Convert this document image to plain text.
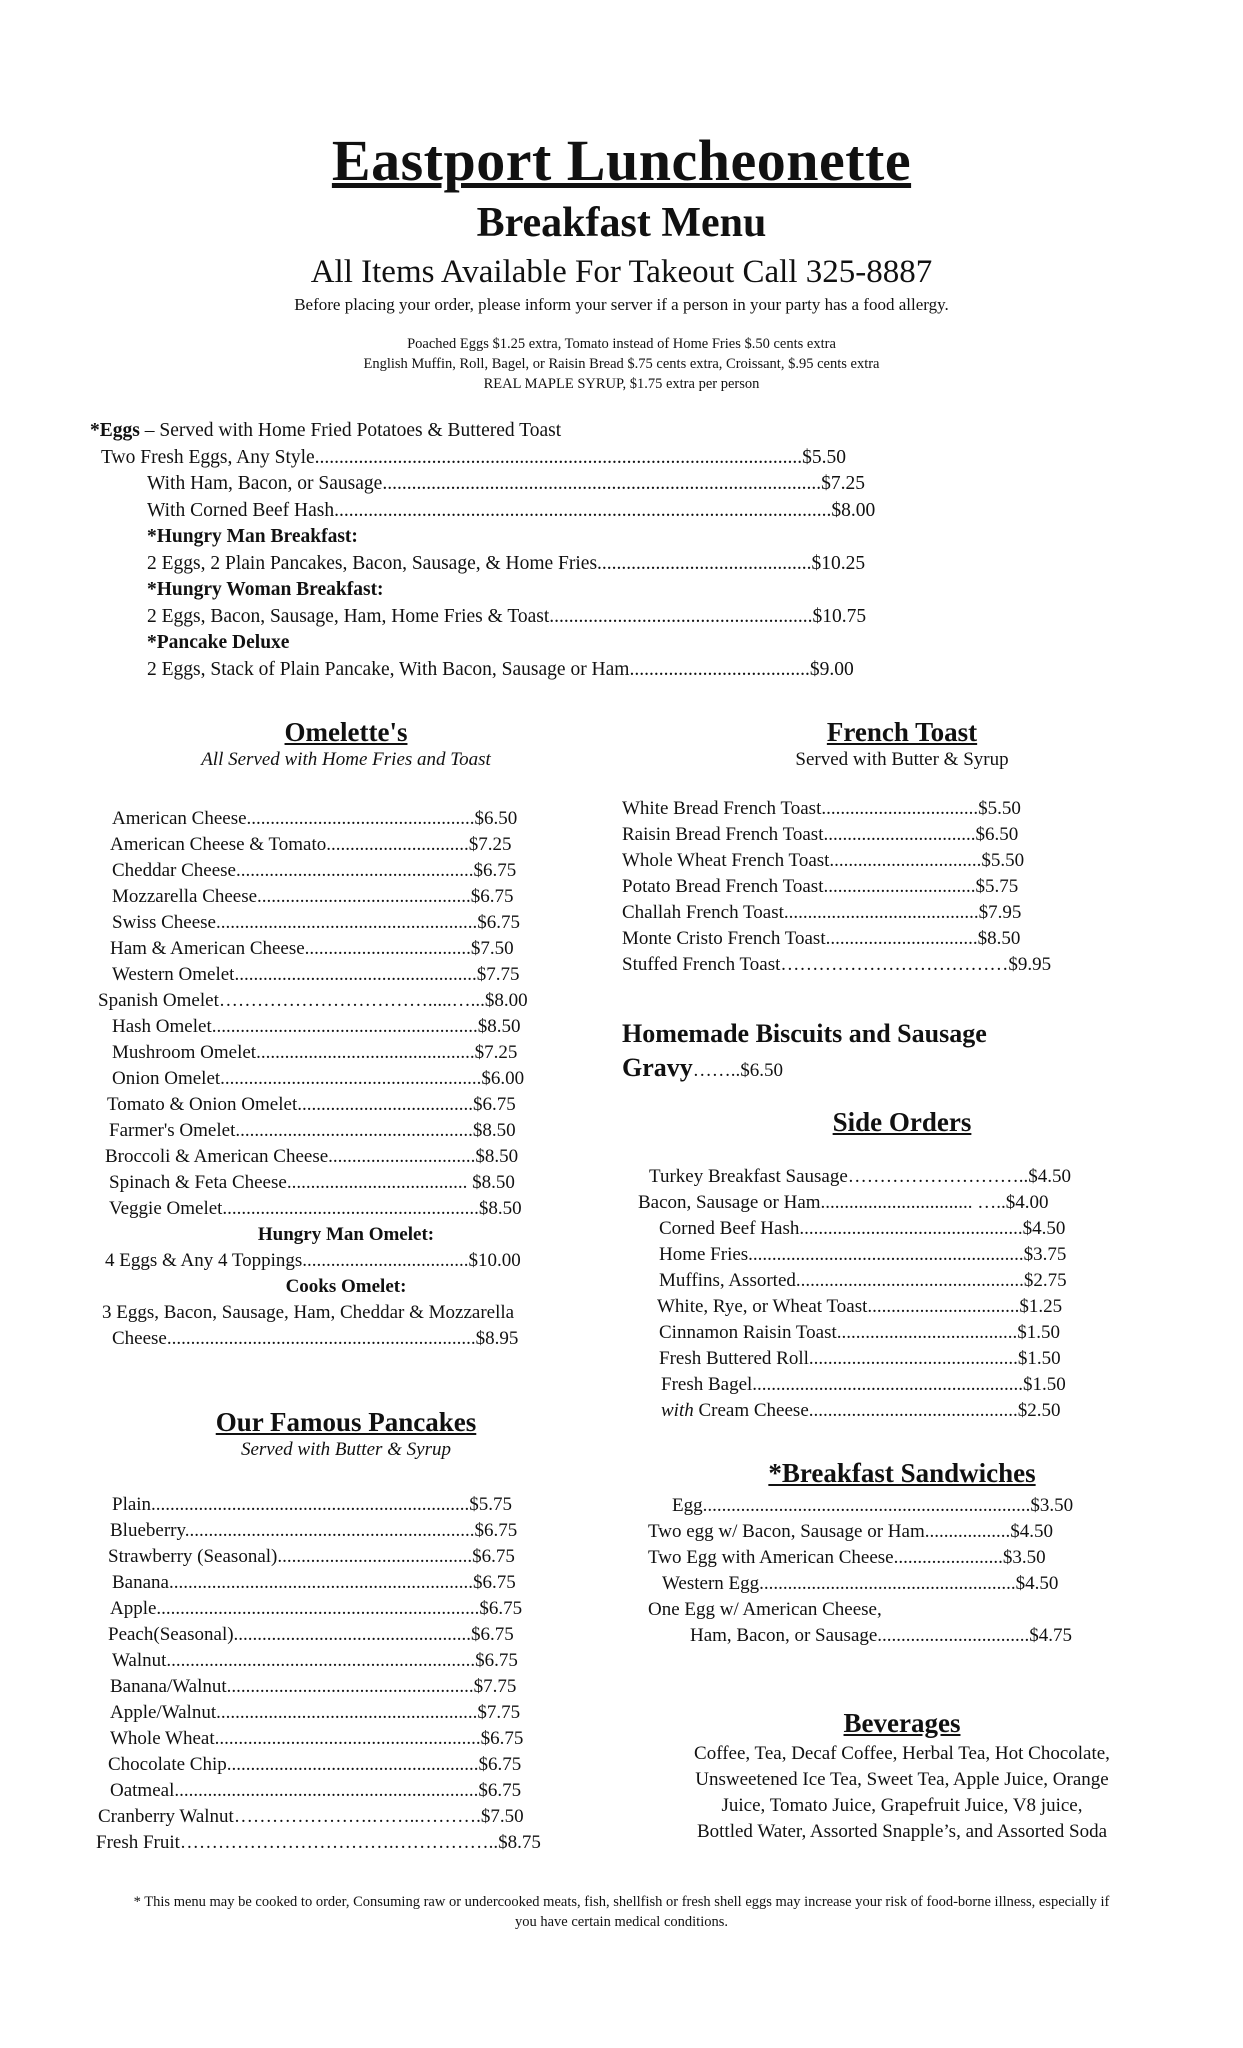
Eastport Luncheonette
Breakfast Menu
All Items Available For Takeout Call 325-8887
Before placing your order, please inform your server if a person in your party has a food allergy.
Poached Eggs $1.25 extra, Tomato instead of Home Fries $.50 cents extra
English Muffin, Roll, Bagel, or Raisin Bread $.75 cents extra, Croissant, $.95 cents extra
REAL MAPLE SYRUP, $1.75 extra per person
*Eggs – Served with Home Fried Potatoes & Buttered Toast
Two Fresh Eggs, Any Style....................................................................................................$5.50
With Ham, Bacon, or Sausage..........................................................................................$7.25
With Corned Beef Hash......................................................................................................$8.00
*Hungry Man Breakfast:
2 Eggs, 2 Plain Pancakes, Bacon, Sausage, & Home Fries............................................$10.25
*Hungry Woman Breakfast:
2 Eggs, Bacon, Sausage, Ham, Home Fries & Toast......................................................$10.75
*Pancake Deluxe
2 Eggs, Stack of Plain Pancake, With Bacon, Sausage or Ham.....................................$9.00
Omelette's
All Served with Home Fries and Toast
American Cheese................................................$6.50
American Cheese & Tomato..............................$7.25
Cheddar Cheese..................................................$6.75
Mozzarella Cheese.............................................$6.75
Swiss Cheese.......................................................$6.75
Ham & American Cheese...................................$7.50
Western Omelet...................................................$7.75
Spanish Omelet…………………………….....…...$8.00
Hash Omelet........................................................$8.50
Mushroom Omelet..............................................$7.25
Onion Omelet.......................................................$6.00
Tomato & Onion Omelet.....................................$6.75
Farmer's Omelet..................................................$8.50
Broccoli & American Cheese...............................$8.50
Spinach & Feta Cheese...................................... $8.50
Veggie Omelet......................................................$8.50
Hungry Man Omelet:
4 Eggs & Any 4 Toppings...................................$10.00
Cooks Omelet:
3 Eggs, Bacon, Sausage, Ham, Cheddar & Mozzarella
Cheese.................................................................$8.95
Our Famous Pancakes
Served with Butter & Syrup
Plain...................................................................$5.75
Blueberry.............................................................$6.75
Strawberry (Seasonal).........................................$6.75
Banana................................................................$6.75
Apple....................................................................$6.75
Peach(Seasonal)..................................................$6.75
Walnut.................................................................$6.75
Banana/Walnut....................................................$7.75
Apple/Walnut.......................................................$7.75
Whole Wheat........................................................$6.75
Chocolate Chip.....................................................$6.75
Oatmeal................................................................$6.75
Cranberry Walnut………………….……..……….$7.50
Fresh Fruit…………………………….……………..$8.75
French Toast
Served with Butter & Syrup
White Bread French Toast.................................$5.50
Raisin Bread French Toast................................$6.50
Whole Wheat French Toast................................$5.50
Potato Bread French Toast................................$5.75
Challah French Toast.........................................$7.95
Monte Cristo French Toast................................$8.50
Stuffed French Toast………………………………$9.95
Homemade Biscuits and Sausage
Gravy……..$6.50
Side Orders
Turkey Breakfast Sausage………………………..$4.50
Bacon, Sausage or Ham................................ …..$4.00
Corned Beef Hash...............................................$4.50
Home Fries..........................................................$3.75
Muffins, Assorted................................................$2.75
White, Rye, or Wheat Toast................................$1.25
Cinnamon Raisin Toast......................................$1.50
Fresh Buttered Roll............................................$1.50
Fresh Bagel.........................................................$1.50
with Cream Cheese............................................$2.50
*Breakfast Sandwiches
Egg.....................................................................$3.50
Two egg w/ Bacon, Sausage or Ham..................$4.50
Two Egg with American Cheese.......................$3.50
Western Egg......................................................$4.50
One Egg w/ American Cheese,
Ham, Bacon, or Sausage................................$4.75
Beverages
Coffee, Tea, Decaf Coffee, Herbal Tea, Hot Chocolate,
Unsweetened Ice Tea, Sweet Tea, Apple Juice, Orange
Juice, Tomato Juice, Grapefruit Juice, V8 juice,
Bottled Water, Assorted Snapple’s, and Assorted Soda
* This menu may be cooked to order, Consuming raw or undercooked meats, fish, shellfish or fresh shell eggs may increase your risk of food-borne illness, especially if
you have certain medical conditions.
